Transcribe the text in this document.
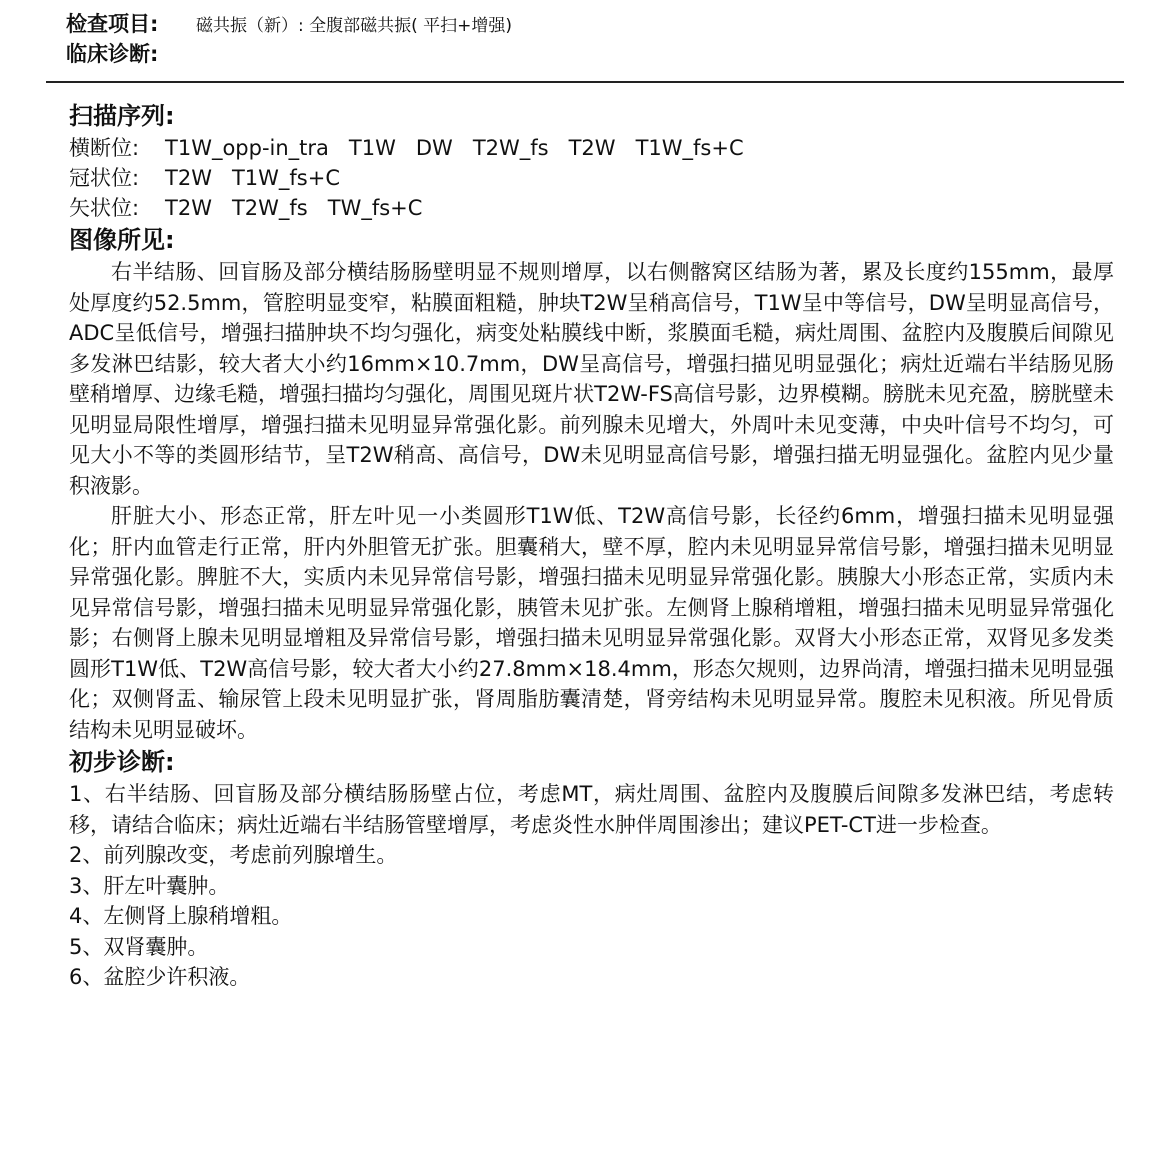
检查项目:	磁共振（新）: 全腹部磁共振( 平扫+增强)
临床诊断:
扫描序列:
横断位: T1W_opp-in_tra T1W DW T2W_fs T2W T1W_fs+C
冠状位: T2W T1W_fs+C
矢状位: T2W T2W_fs TW_fs+C
图像所见:

右半结肠、回盲肠及部分横结肠肠壁明显不规则增厚，以右侧髂窝区结肠为著，累及长度约155mm，最厚处厚度约52.5mm，管腔明显变窄，粘膜面粗糙，肿块T2W呈稍高信号，T1W呈中等信号，DW呈明显高信号，ADC呈低信号，增强扫描肿块不均匀强化，病变处粘膜线中断，浆膜面毛糙，病灶周围、盆腔内及腹膜后间隙见多发淋巴结影，较大者大小约16mm×10.7mm，DW呈高信号，增强扫描见明显强化；病灶近端右半结肠见肠壁稍增厚、边缘毛糙，增强扫描均匀强化，周围见斑片状T2W-FS高信号影，边界模糊。膀胱未见充盈，膀胱壁未见明显局限性增厚，增强扫描未见明显异常强化影。前列腺未见增大，外周叶未见变薄，中央叶信号不均匀，可见大小不等的类圆形结节，呈T2W稍高、高信号，DW未见明显高信号影，增强扫描无明显强化。盆腔内见少量积液影。

肝脏大小、形态正常，肝左叶见一小类圆形T1W低、T2W高信号影，长径约6mm，增强扫描未见明显强化；肝内血管走行正常，肝内外胆管无扩张。胆囊稍大，壁不厚，腔内未见明显异常信号影，增强扫描未见明显异常强化影。脾脏不大，实质内未见异常信号影，增强扫描未见明显异常强化影。胰腺大小形态正常，实质内未见异常信号影，增强扫描未见明显异常强化影，胰管未见扩张。左侧肾上腺稍增粗，增强扫描未见明显异常强化影；右侧肾上腺未见明显增粗及异常信号影，增强扫描未见明显异常强化影。双肾大小形态正常，双肾见多发类圆形T1W低、T2W高信号影，较大者大小约27.8mm×18.4mm，形态欠规则，边界尚清，增强扫描未见明显强化；双侧肾盂、输尿管上段未见明显扩张，肾周脂肪囊清楚，肾旁结构未见明显异常。腹腔未见积液。所见骨质结构未见明显破坏。

初步诊断:

1、右半结肠、回盲肠及部分横结肠肠壁占位，考虑MT，病灶周围、盆腔内及腹膜后间隙多发淋巴结，考虑转移，请结合临床；病灶近端右半结肠管壁增厚，考虑炎性水肿伴周围渗出；建议PET-CT进一步检查。

2、前列腺改变，考虑前列腺增生。

3、肝左叶囊肿。

4、左侧肾上腺稍增粗。

5、双肾囊肿。

6、盆腔少许积液。
